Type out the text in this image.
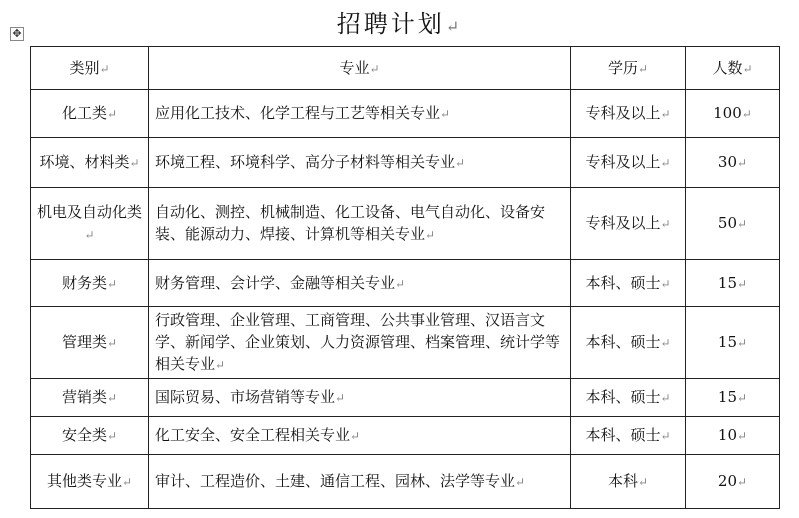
招聘计划↵
✥
类别↵	专业↵	学历↵	人数↵
化工类↵	应用化工技术、化学工程与工艺等相关专业↵	专科及以上↵	100↵
环境、材料类↵	环境工程、环境科学、高分子材料等相关专业↵	专科及以上↵	30↵
机电及自动化类↵	自动化、测控、机械制造、化工设备、电气自动化、设备安装、能源动力、焊接、计算机等相关专业↵	专科及以上↵	50↵
财务类↵	财务管理、会计学、金融等相关专业↵	本科、硕士↵	15↵
管理类↵	行政管理、企业管理、工商管理、公共事业管理、汉语言文学、新闻学、企业策划、人力资源管理、档案管理、统计学等相关专业↵	本科、硕士↵	15↵
营销类↵	国际贸易、市场营销等专业↵	本科、硕士↵	15↵
安全类↵	化工安全、安全工程相关专业↵	本科、硕士↵	10↵
其他类专业↵	审计、工程造价、土建、通信工程、园林、法学等专业↵	本科↵	20↵
